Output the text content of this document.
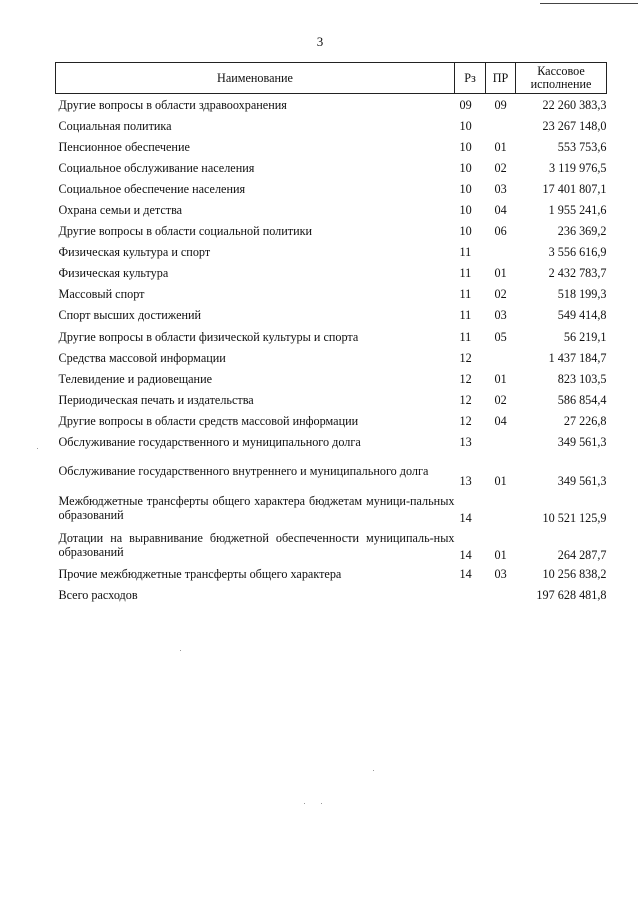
3
Наименование	Рз	ПР	Кассовое исполнение
Другие вопросы в области здравоохранения	09	09	22 260 383,3
Социальная политика	10		23 267 148,0
Пенсионное обеспечение	10	01	553 753,6
Социальное обслуживание населения	10	02	3 119 976,5
Социальное обеспечение населения	10	03	17 401 807,1
Охрана семьи и детства	10	04	1 955 241,6
Другие вопросы в области социальной политики	10	06	236 369,2
Физическая культура и спорт	11		3 556 616,9
Физическая культура	11	01	2 432 783,7
Массовый спорт	11	02	518 199,3
Спорт высших достижений	11	03	549 414,8
Другие вопросы в области физической культуры и спорта	11	05	56 219,1
Средства массовой информации	12		1 437 184,7
Телевидение и радиовещание	12	01	823 103,5
Периодическая печать и издательства	12	02	586 854,4
Другие вопросы в области средств массовой информации	12	04	27 226,8
Обслуживание государственного и муниципального долга	13		349 561,3
Обслуживание государственного внутреннего и муниципального долга	13	01	349 561,3
Межбюджетные трансферты общего характера бюджетам муници-пальных образований	14		10 521 125,9
Дотации на выравнивание бюджетной обеспеченности муниципаль-ных образований	14	01	264 287,7
Прочие межбюджетные трансферты общего характера	14	03	10 256 838,2
Всего расходов			197 628 481,8
